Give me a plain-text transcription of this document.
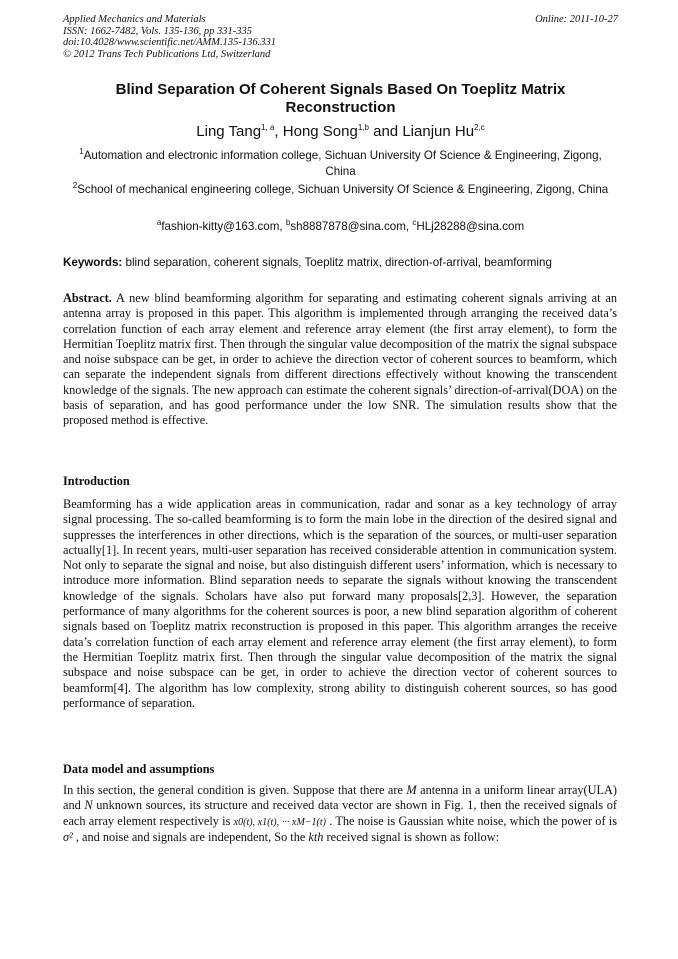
Applied Mechanics and Materials
ISSN: 1662-7482, Vols. 135-136, pp 331-335
doi:10.4028/www.scientific.net/AMM.135-136.331
© 2012 Trans Tech Publications Ltd, Switzerland
Online: 2011-10-27
Blind Separation Of Coherent Signals Based On Toeplitz Matrix Reconstruction
Ling Tang$^{1, a}$, Hong Song$^{1,b}$ and Lianjun Hu$^{2,c}$
$^1$Automation and electronic information college, Sichuan University Of Science & Engineering, Zigong, China
$^2$School of mechanical engineering college, Sichuan University Of Science & Engineering, Zigong, China
$^a$fashion-kitty@163.com, $^b$sh8887878@sina.com, $^c$HLj28288@sina.com
Keywords: blind separation, coherent signals, Toeplitz matrix, direction-of-arrival, beamforming
Abstract. A new blind beamforming algorithm for separating and estimating coherent signals arriving at an antenna array is proposed in this paper. This algorithm is implemented through arranging the received data’s correlation function of each array element and reference array element (the first array element), to form the Hermitian Toeplitz matrix first. Then through the singular value decomposition of the matrix the signal subspace and noise subspace can be get, in order to achieve the direction vector of coherent sources to beamform, which can separate the independent signals from different directions effectively without knowing the transcendent knowledge of the signals. The new approach can estimate the coherent signals’ direction-of-arrival(DOA) on the basis of separation, and has good performance under the low SNR. The simulation results show that the proposed method is effective.
Introduction
Beamforming has a wide application areas in communication, radar and sonar as a key technology of array signal processing. The so-called beamforming is to form the main lobe in the direction of the desired signal and suppresses the interferences in other directions, which is the separation of the sources, or multi-user separation actually[1]. In recent years, multi-user separation has received considerable attention in communication system. Not only to separate the signal and noise, but also distinguish different users’ information, which is necessary to introduce more information. Blind separation needs to separate the signals without knowing the transcendent knowledge of the signals. Scholars have also put forward many proposals[2,3]. However, the separation performance of many algorithms for the coherent sources is poor, a new blind separation algorithm of coherent signals based on Toeplitz matrix reconstruction is proposed in this paper. This algorithm arranges the receive data’s correlation function of each array element and reference array element (the first array element), to form the Hermitian Toeplitz matrix first. Then through the singular value decomposition of the matrix the signal subspace and noise subspace can be get, in order to achieve the direction vector of coherent sources to beamform[4]. The algorithm has low complexity, strong ability to distinguish coherent sources, so has good performance of separation.
Data model and assumptions
In this section, the general condition is given. Suppose that there are M antenna in a uniform linear array(ULA) and N unknown sources, its structure and received data vector are shown in Fig. 1, then the received signals of each array element respectively is x0(t), x1(t), ··· xM−1(t) . The noise is Gaussian white noise, which the power of is σ² , and noise and signals are independent, So the kth received signal is shown as follow:
